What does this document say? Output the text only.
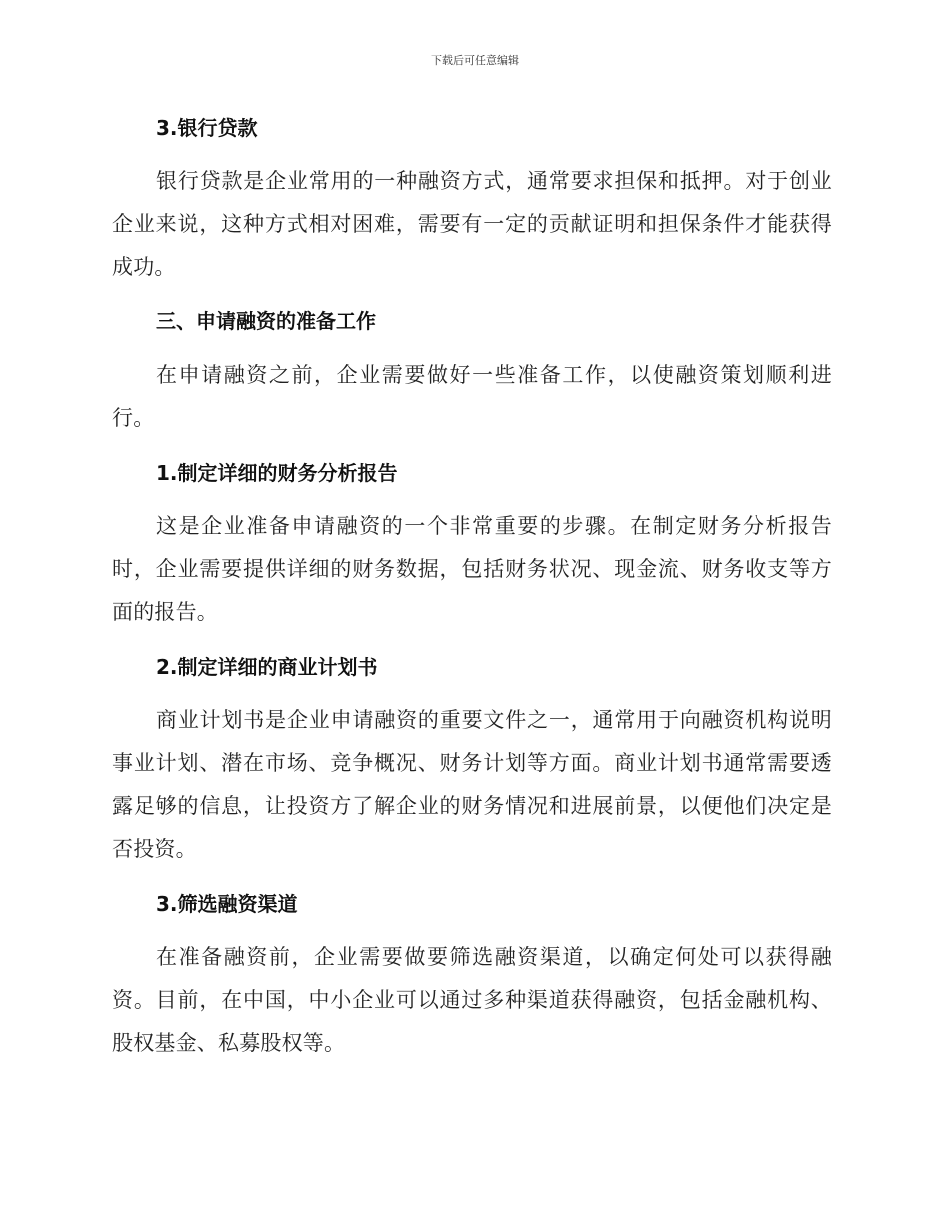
下载后可任意编辑
3.银行贷款

银行贷款是企业常用的一种融资方式，通常要求担保和抵押。对于创业企业来说，这种方式相对困难，需要有一定的贡献证明和担保条件才能获得成功。

三、申请融资的准备工作

在申请融资之前，企业需要做好一些准备工作，以使融资策划顺利进行。

1.制定详细的财务分析报告

这是企业准备申请融资的一个非常重要的步骤。在制定财务分析报告时，企业需要提供详细的财务数据，包括财务状况、现金流、财务收支等方面的报告。

2.制定详细的商业计划书

商业计划书是企业申请融资的重要文件之一，通常用于向融资机构说明事业计划、潜在市场、竞争概况、财务计划等方面。商业计划书通常需要透露足够的信息，让投资方了解企业的财务情况和进展前景，以便他们决定是否投资。

3.筛选融资渠道

在准备融资前，企业需要做要筛选融资渠道，以确定何处可以获得融资。目前，在中国，中小企业可以通过多种渠道获得融资，包括金融机构、股权基金、私募股权等。
